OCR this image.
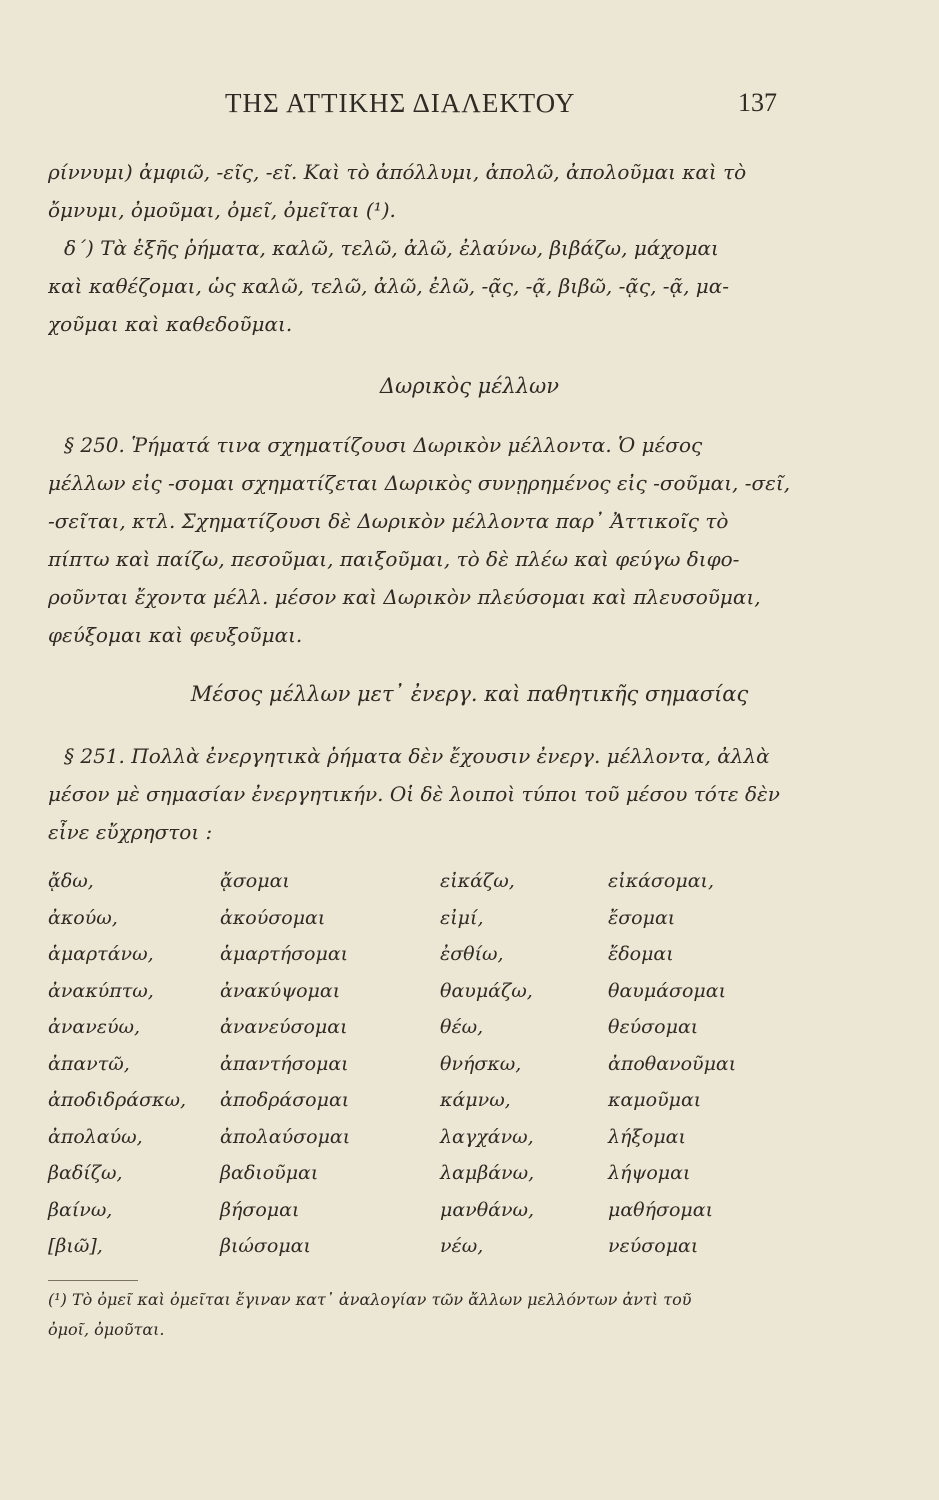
ΤΗΣ ΑΤΤΙΚΗΣ ΔΙΑΛΕΚΤΟΥ	137
ρίννυμι) ἀμφιῶ, -εῖς, -εῖ. Καὶ τὸ ἀπόλλυμι, ἀπολῶ, ἀπολοῦμαι καὶ τὸ
ὄμνυμι, ὀμοῦμαι, ὀμεῖ, ὀμεῖται (¹).
δ΄) Τὰ ἑξῆς ῥήματα, καλῶ, τελῶ, ἀλῶ, ἐλαύνω, βιβάζω, μάχομαι
καὶ καθέζομαι, ὡς καλῶ, τελῶ, ἀλῶ, ἐλῶ, -ᾷς, -ᾷ, βιβῶ, -ᾷς, -ᾷ, μα-
χοῦμαι καὶ καθεδοῦμαι.
Δωρικὸς μέλλων
§ 250. Ῥήματά τινα σχηματίζουσι Δωρικὸν μέλλοντα. Ὁ μέσος
μέλλων εἰς -σομαι σχηματίζεται Δωρικὸς συνῃρημένος εἰς -σοῦμαι, -σεῖ,
-σεῖται, κτλ. Σχηματίζουσι δὲ Δωρικὸν μέλλοντα παρ᾽ Ἀττικοῖς τὸ
πίπτω καὶ παίζω, πεσοῦμαι, παιξοῦμαι, τὸ δὲ πλέω καὶ φεύγω διφο-
ροῦνται ἔχοντα μέλλ. μέσον καὶ Δωρικὸν πλεύσομαι καὶ πλευσοῦμαι,
φεύξομαι καὶ φευξοῦμαι.
Μέσος μέλλων μετ᾽ ἐνεργ. καὶ παθητικῆς σημασίας
§ 251. Πολλὰ ἐνεργητικὰ ῥήματα δὲν ἔχουσιν ἐνεργ. μέλλοντα, ἀλλὰ
μέσον μὲ σημασίαν ἐνεργητικήν. Οἱ δὲ λοιποὶ τύποι τοῦ μέσου τότε δὲν
εἶνε εὔχρηστοι :
ᾄδω,
ἀκούω,
ἁμαρτάνω,
ἀνακύπτω,
ἀνανεύω,
ἀπαντῶ,
ἀποδιδράσκω,
ἀπολαύω,
βαδίζω,
βαίνω,
[βιῶ],
ᾄσομαι
ἀκούσομαι
ἁμαρτήσομαι
ἀνακύψομαι
ἀνανεύσομαι
ἀπαντήσομαι
ἀποδράσομαι
ἀπολαύσομαι
βαδιοῦμαι
βήσομαι
βιώσομαι
εἰκάζω,
εἰμί,
ἐσθίω,
θαυμάζω,
θέω,
θνήσκω,
κάμνω,
λαγχάνω,
λαμβάνω,
μανθάνω,
νέω,
εἰκάσομαι,
ἔσομαι
ἔδομαι
θαυμάσομαι
θεύσομαι
ἀποθανοῦμαι
καμοῦμαι
λήξομαι
λήψομαι
μαθήσομαι
νεύσομαι
(¹) Τὸ ὀμεῖ καὶ ὀμεῖται ἔγιναν κατ᾽ ἀναλογίαν τῶν ἄλλων μελλόντων ἀντὶ τοῦ
ὀμοῖ, ὀμοῦται.
